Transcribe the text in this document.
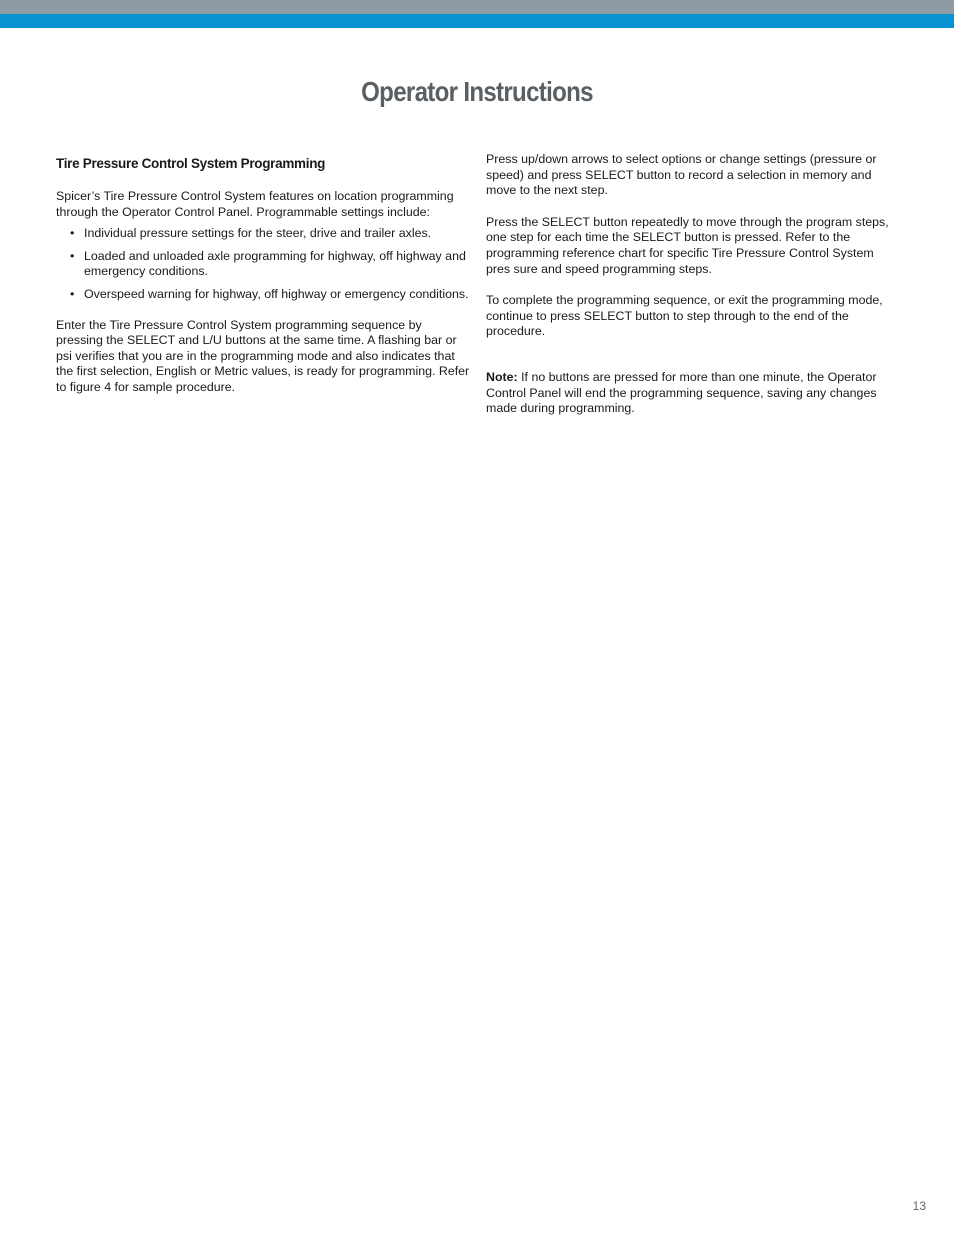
Operator Instructions
Tire Pressure Control System Programming

Spicer’s Tire Pressure Control System features on location programming through the Operator Control Panel. Programmable settings include:

• Individual pressure settings for the steer, drive and trailer axles.
• Loaded and unloaded axle programming for highway, off highway and emergency conditions.
• Overspeed warning for highway, off highway or emergency conditions.

Enter the Tire Pressure Control System programming sequence by pressing the SELECT and L/U buttons at the same time. A flashing bar or psi verifies that you are in the programming mode and also indicates that the first selection, English or Metric values, is ready for programming. Refer to figure 4 for sample procedure.

Press up/down arrows to select options or change settings (pressure or speed) and press SELECT button to record a selection in memory and move to the next step.

Press the SELECT button repeatedly to move through the program steps, one step for each time the SELECT button is pressed. Refer to the programming reference chart for specific Tire Pressure Control System pres sure and speed programming steps.

To complete the programming sequence, or exit the programming mode, continue to press SELECT button to step through to the end of the procedure.

Note: If no buttons are pressed for more than one minute, the Operator Control Panel will end the programming sequence, saving any changes made during programming.

13
